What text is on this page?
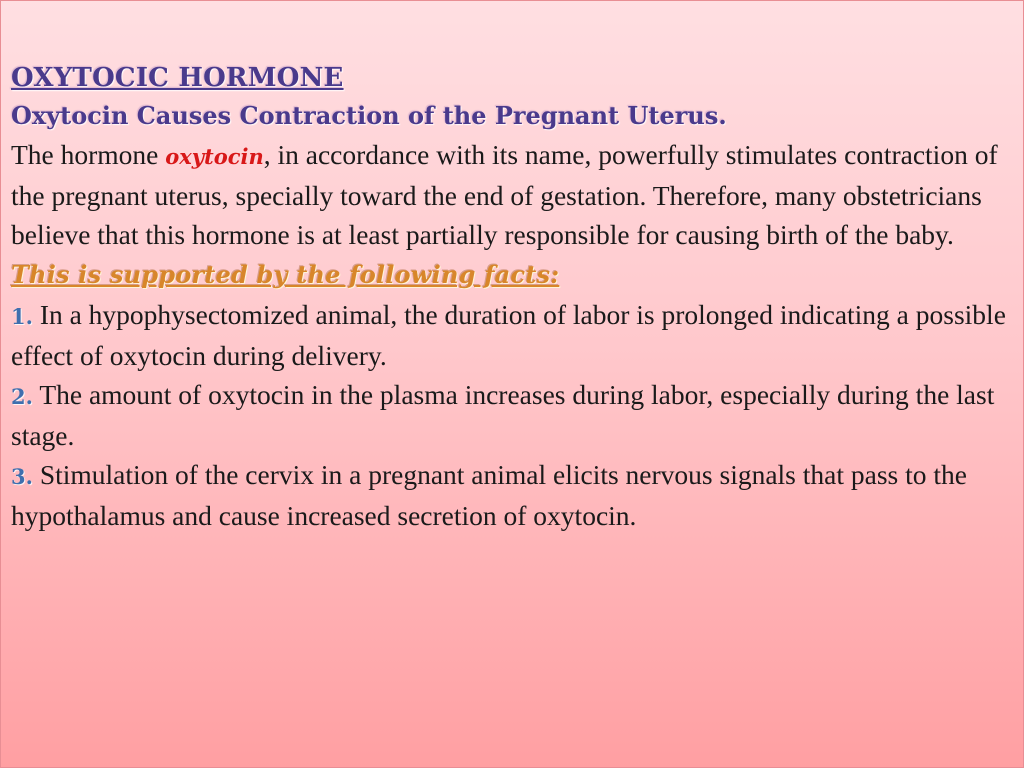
OXYTOCIC HORMONE
Oxytocin Causes Contraction of the Pregnant Uterus.

The hormone oxytocin, in accordance with its name, powerfully stimulates contraction of the pregnant uterus, specially toward the end of gestation. Therefore, many obstetricians believe that this hormone is at least partially responsible for causing birth of the baby.

This is supported by the following facts:

1. In a hypophysectomized animal, the duration of labor is prolonged indicating a possible effect of oxytocin during delivery.

2. The amount of oxytocin in the plasma increases during labor, especially during the last stage.

3. Stimulation of the cervix in a pregnant animal elicits nervous signals that pass to the hypothalamus and cause increased secretion of oxytocin.
